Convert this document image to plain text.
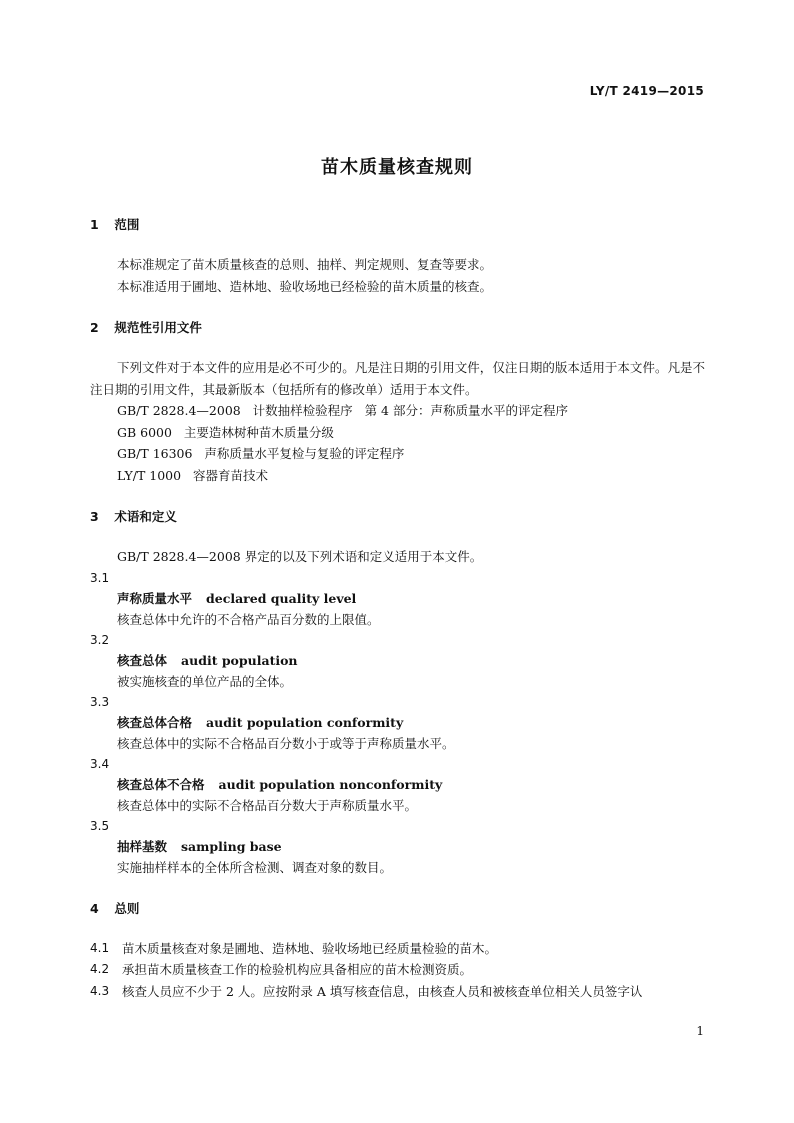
LY/T 2419—2015
苗木质量核查规则
1 范围

本标准规定了苗木质量核查的总则、抽样、判定规则、复查等要求。

本标准适用于圃地、造林地、验收场地已经检验的苗木质量的核查。

2 规范性引用文件

下列文件对于本文件的应用是必不可少的。凡是注日期的引用文件，仅注日期的版本适用于本文件。凡是不注日期的引用文件，其最新版本（包括所有的修改单）适用于本文件。

GB/T 2828.4—2008   计数抽样检验程序   第 4 部分：声称质量水平的评定程序

GB 6000   主要造林树种苗木质量分级

GB/T 16306   声称质量水平复检与复验的评定程序

LY/T 1000   容器育苗技术

3 术语和定义

GB/T 2828.4—2008 界定的以及下列术语和定义适用于本文件。

3.1

声称质量水平 declared quality level

核查总体中允许的不合格产品百分数的上限值。

3.2

核查总体 audit population

被实施核查的单位产品的全体。

3.3

核查总体合格 audit population conformity

核查总体中的实际不合格品百分数小于或等于声称质量水平。

3.4

核查总体不合格 audit population nonconformity

核查总体中的实际不合格品百分数大于声称质量水平。

3.5

抽样基数 sampling base

实施抽样样本的全体所含检测、调查对象的数目。

4 总则
4.1	苗木质量核查对象是圃地、造林地、验收场地已经质量检验的苗木。
4.2	承担苗木质量核查工作的检验机构应具备相应的苗木检测资质。
4.3	核查人员应不少于 2 人。应按附录 A 填写核查信息，由核查人员和被核查单位相关人员签字认
1
